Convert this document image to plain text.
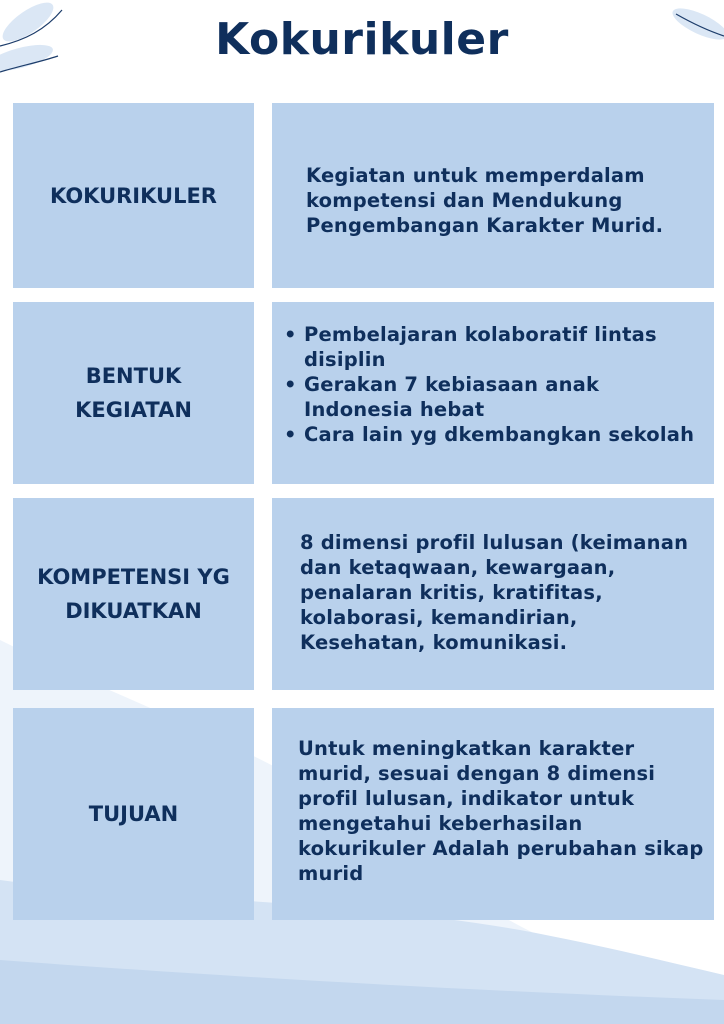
Kokurikuler
KOKURIKULER

Kegiatan untuk memperdalam kompetensi dan Mendukung Pengembangan Karakter Murid.

BENTUK KEGIATAN
• Pembelajaran kolaboratif lintas disiplin
• Gerakan 7 kebiasaan anak Indonesia hebat
• Cara lain yg dkembangkan sekolah
KOMPETENSI YG DIKUATKAN

8 dimensi profil lulusan (keimanan dan ketaqwaan, kewargaan, penalaran kritis, kratifitas, kolaborasi, kemandirian, Kesehatan, komunikasi.

TUJUAN

Untuk meningkatkan karakter murid, sesuai dengan 8 dimensi profil lulusan, indikator untuk mengetahui keberhasilan kokurikuler Adalah perubahan sikap murid
